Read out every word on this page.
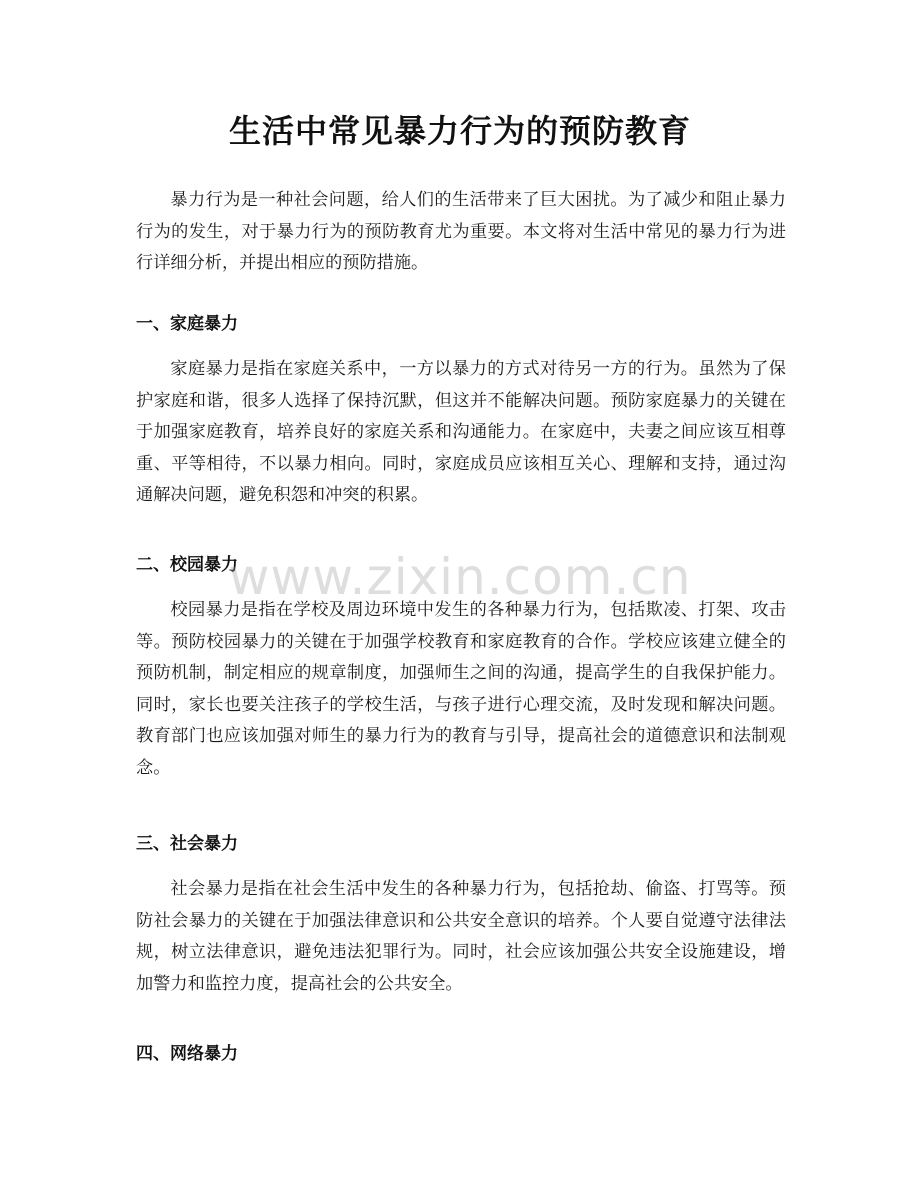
生活中常见暴力行为的预防教育

暴力行为是一种社会问题，给人们的生活带来了巨大困扰。为了减少和阻止暴力行为的发生，对于暴力行为的预防教育尤为重要。本文将对生活中常见的暴力行为进行详细分析，并提出相应的预防措施。

一、家庭暴力

家庭暴力是指在家庭关系中，一方以暴力的方式对待另一方的行为。虽然为了保护家庭和谐，很多人选择了保持沉默，但这并不能解决问题。预防家庭暴力的关键在于加强家庭教育，培养良好的家庭关系和沟通能力。在家庭中，夫妻之间应该互相尊重、平等相待，不以暴力相向。同时，家庭成员应该相互关心、理解和支持，通过沟通解决问题，避免积怨和冲突的积累。

二、校园暴力

校园暴力是指在学校及周边环境中发生的各种暴力行为，包括欺凌、打架、攻击等。预防校园暴力的关键在于加强学校教育和家庭教育的合作。学校应该建立健全的预防机制，制定相应的规章制度，加强师生之间的沟通，提高学生的自我保护能力。同时，家长也要关注孩子的学校生活，与孩子进行心理交流，及时发现和解决问题。教育部门也应该加强对师生的暴力行为的教育与引导，提高社会的道德意识和法制观念。

三、社会暴力

社会暴力是指在社会生活中发生的各种暴力行为，包括抢劫、偷盗、打骂等。预防社会暴力的关键在于加强法律意识和公共安全意识的培养。个人要自觉遵守法律法规，树立法律意识，避免违法犯罪行为。同时，社会应该加强公共安全设施建设，增加警力和监控力度，提高社会的公共安全。

四、网络暴力
www.zixin.com.cn
